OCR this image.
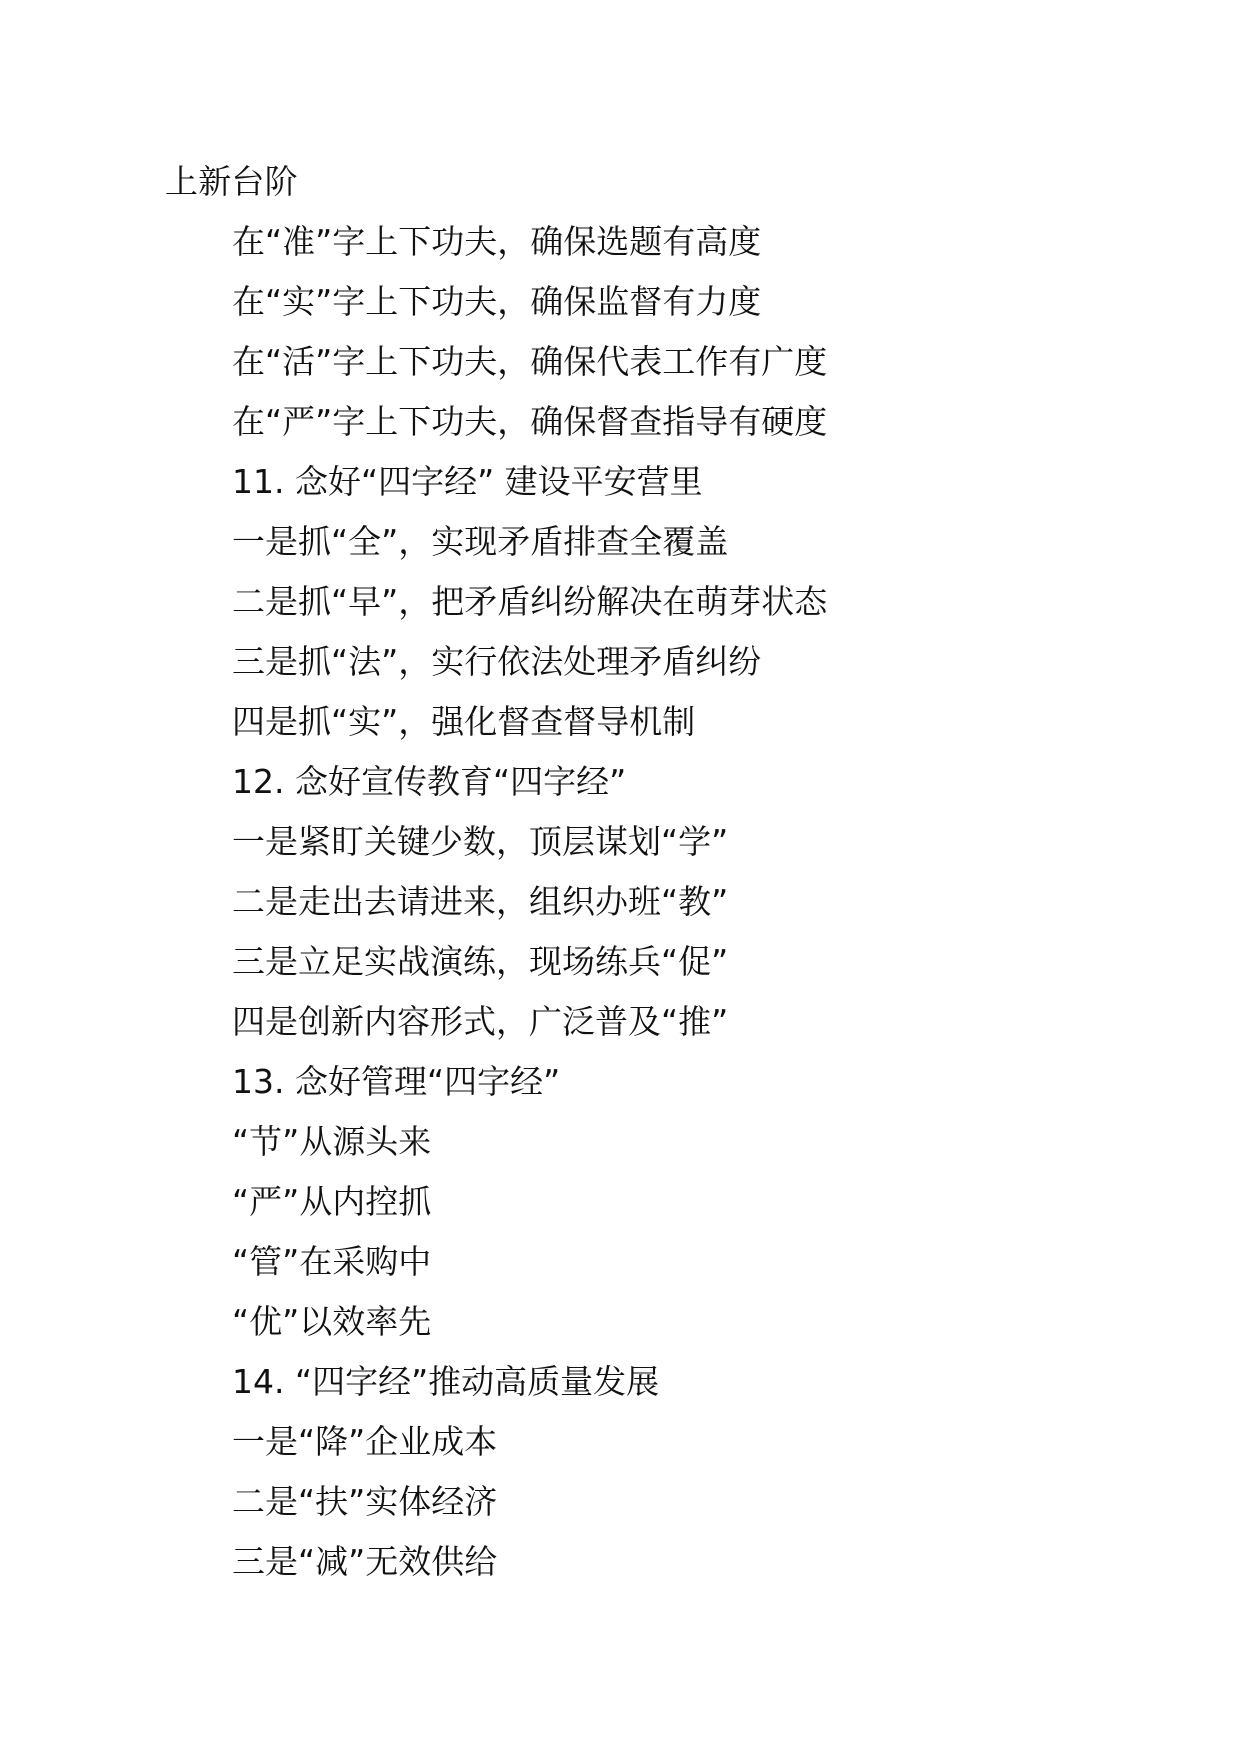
上新台阶
在“准”字上下功夫，确保选题有高度
在“实”字上下功夫，确保监督有力度
在“活”字上下功夫，确保代表工作有广度
在“严”字上下功夫，确保督查指导有硬度
11. 念好“四字经” 建设平安营里
一是抓“全”，实现矛盾排查全覆盖
二是抓“早”，把矛盾纠纷解决在萌芽状态
三是抓“法”，实行依法处理矛盾纠纷
四是抓“实”，强化督查督导机制
12. 念好宣传教育“四字经”
一是紧盯关键少数，顶层谋划“学”
二是走出去请进来，组织办班“教”
三是立足实战演练，现场练兵“促”
四是创新内容形式，广泛普及“推”
13. 念好管理“四字经”
“节”从源头来
“严”从内控抓
“管”在采购中
“优”以效率先
14. “四字经”推动高质量发展
一是“降”企业成本
二是“扶”实体经济
三是“减”无效供给
